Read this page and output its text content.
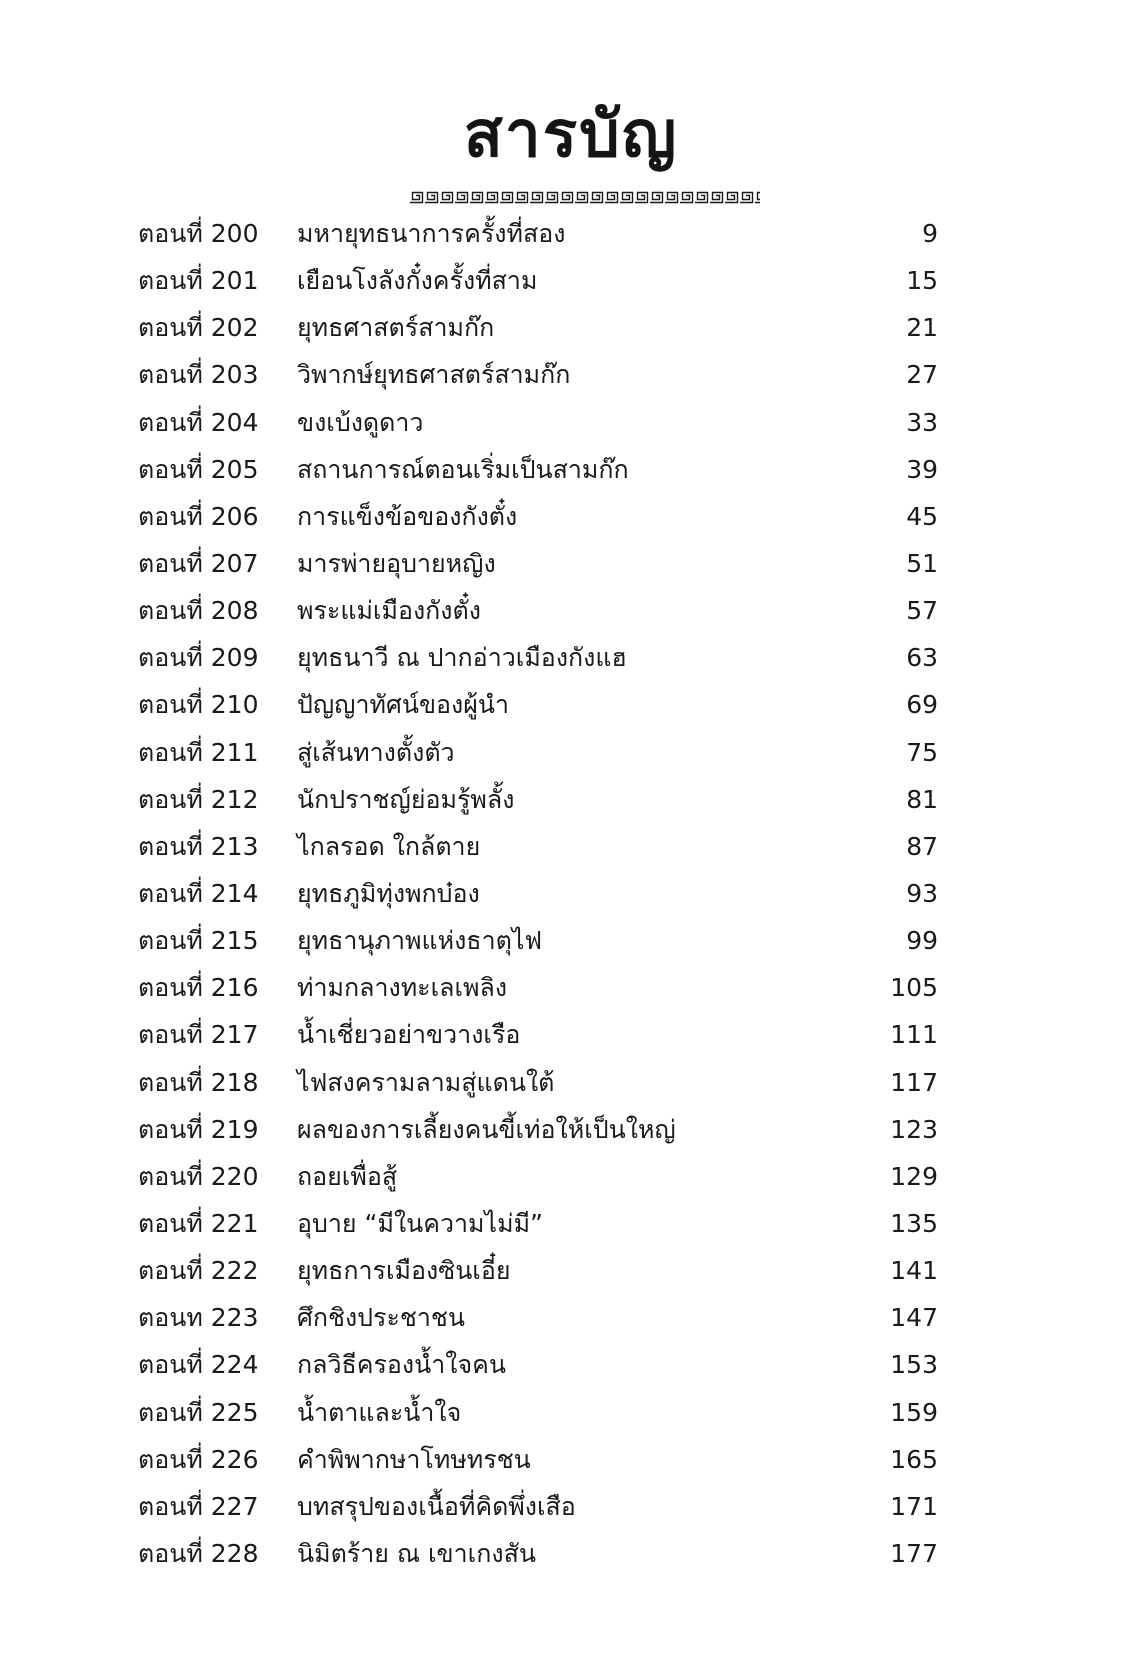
สารบัญ
ตอนที่ 200 มหายุทธนาการครั้งที่สอง	9
ตอนที่ 201 เยือนโงลังกั๋งครั้งที่สาม	15
ตอนที่ 202 ยุทธศาสตร์สามก๊ก	21
ตอนที่ 203 วิพากษ์ยุทธศาสตร์สามก๊ก	27
ตอนที่ 204 ขงเบ้งดูดาว	33
ตอนที่ 205 สถานการณ์ตอนเริ่มเป็นสามก๊ก	39
ตอนที่ 206 การแข็งข้อของกังตั๋ง	45
ตอนที่ 207 มารพ่ายอุบายหญิง	51
ตอนที่ 208 พระแม่เมืองกังตั๋ง	57
ตอนที่ 209 ยุทธนาวี ณ ปากอ่าวเมืองกังแฮ	63
ตอนที่ 210 ปัญญาทัศน์ของผู้นำ	69
ตอนที่ 211 สู่เส้นทางตั้งตัว	75
ตอนที่ 212 นักปราชญ์ย่อมรู้พลั้ง	81
ตอนที่ 213 ไกลรอด ใกล้ตาย	87
ตอนที่ 214 ยุทธภูมิทุ่งพกบ๋อง	93
ตอนที่ 215 ยุทธานุภาพแห่งธาตุไฟ	99
ตอนที่ 216 ท่ามกลางทะเลเพลิง	105
ตอนที่ 217 น้ำเชี่ยวอย่าขวางเรือ	111
ตอนที่ 218 ไฟสงครามลามสู่แดนใต้	117
ตอนที่ 219 ผลของการเลี้ยงคนขี้เท่อให้เป็นใหญ่	123
ตอนที่ 220 ถอยเพื่อสู้	129
ตอนที่ 221 อุบาย “มีในความไม่มี”	135
ตอนที่ 222 ยุทธการเมืองซินเอี๋ย	141
ตอนท 223 ศึกชิงประชาชน	147
ตอนที่ 224 กลวิธีครองน้ำใจคน	153
ตอนที่ 225 น้ำตาและน้ำใจ	159
ตอนที่ 226 คำพิพากษาโทษทรชน	165
ตอนที่ 227 บทสรุปของเนื้อที่คิดพึ่งเสือ	171
ตอนที่ 228 นิมิตร้าย ณ เขาเกงสัน	177
